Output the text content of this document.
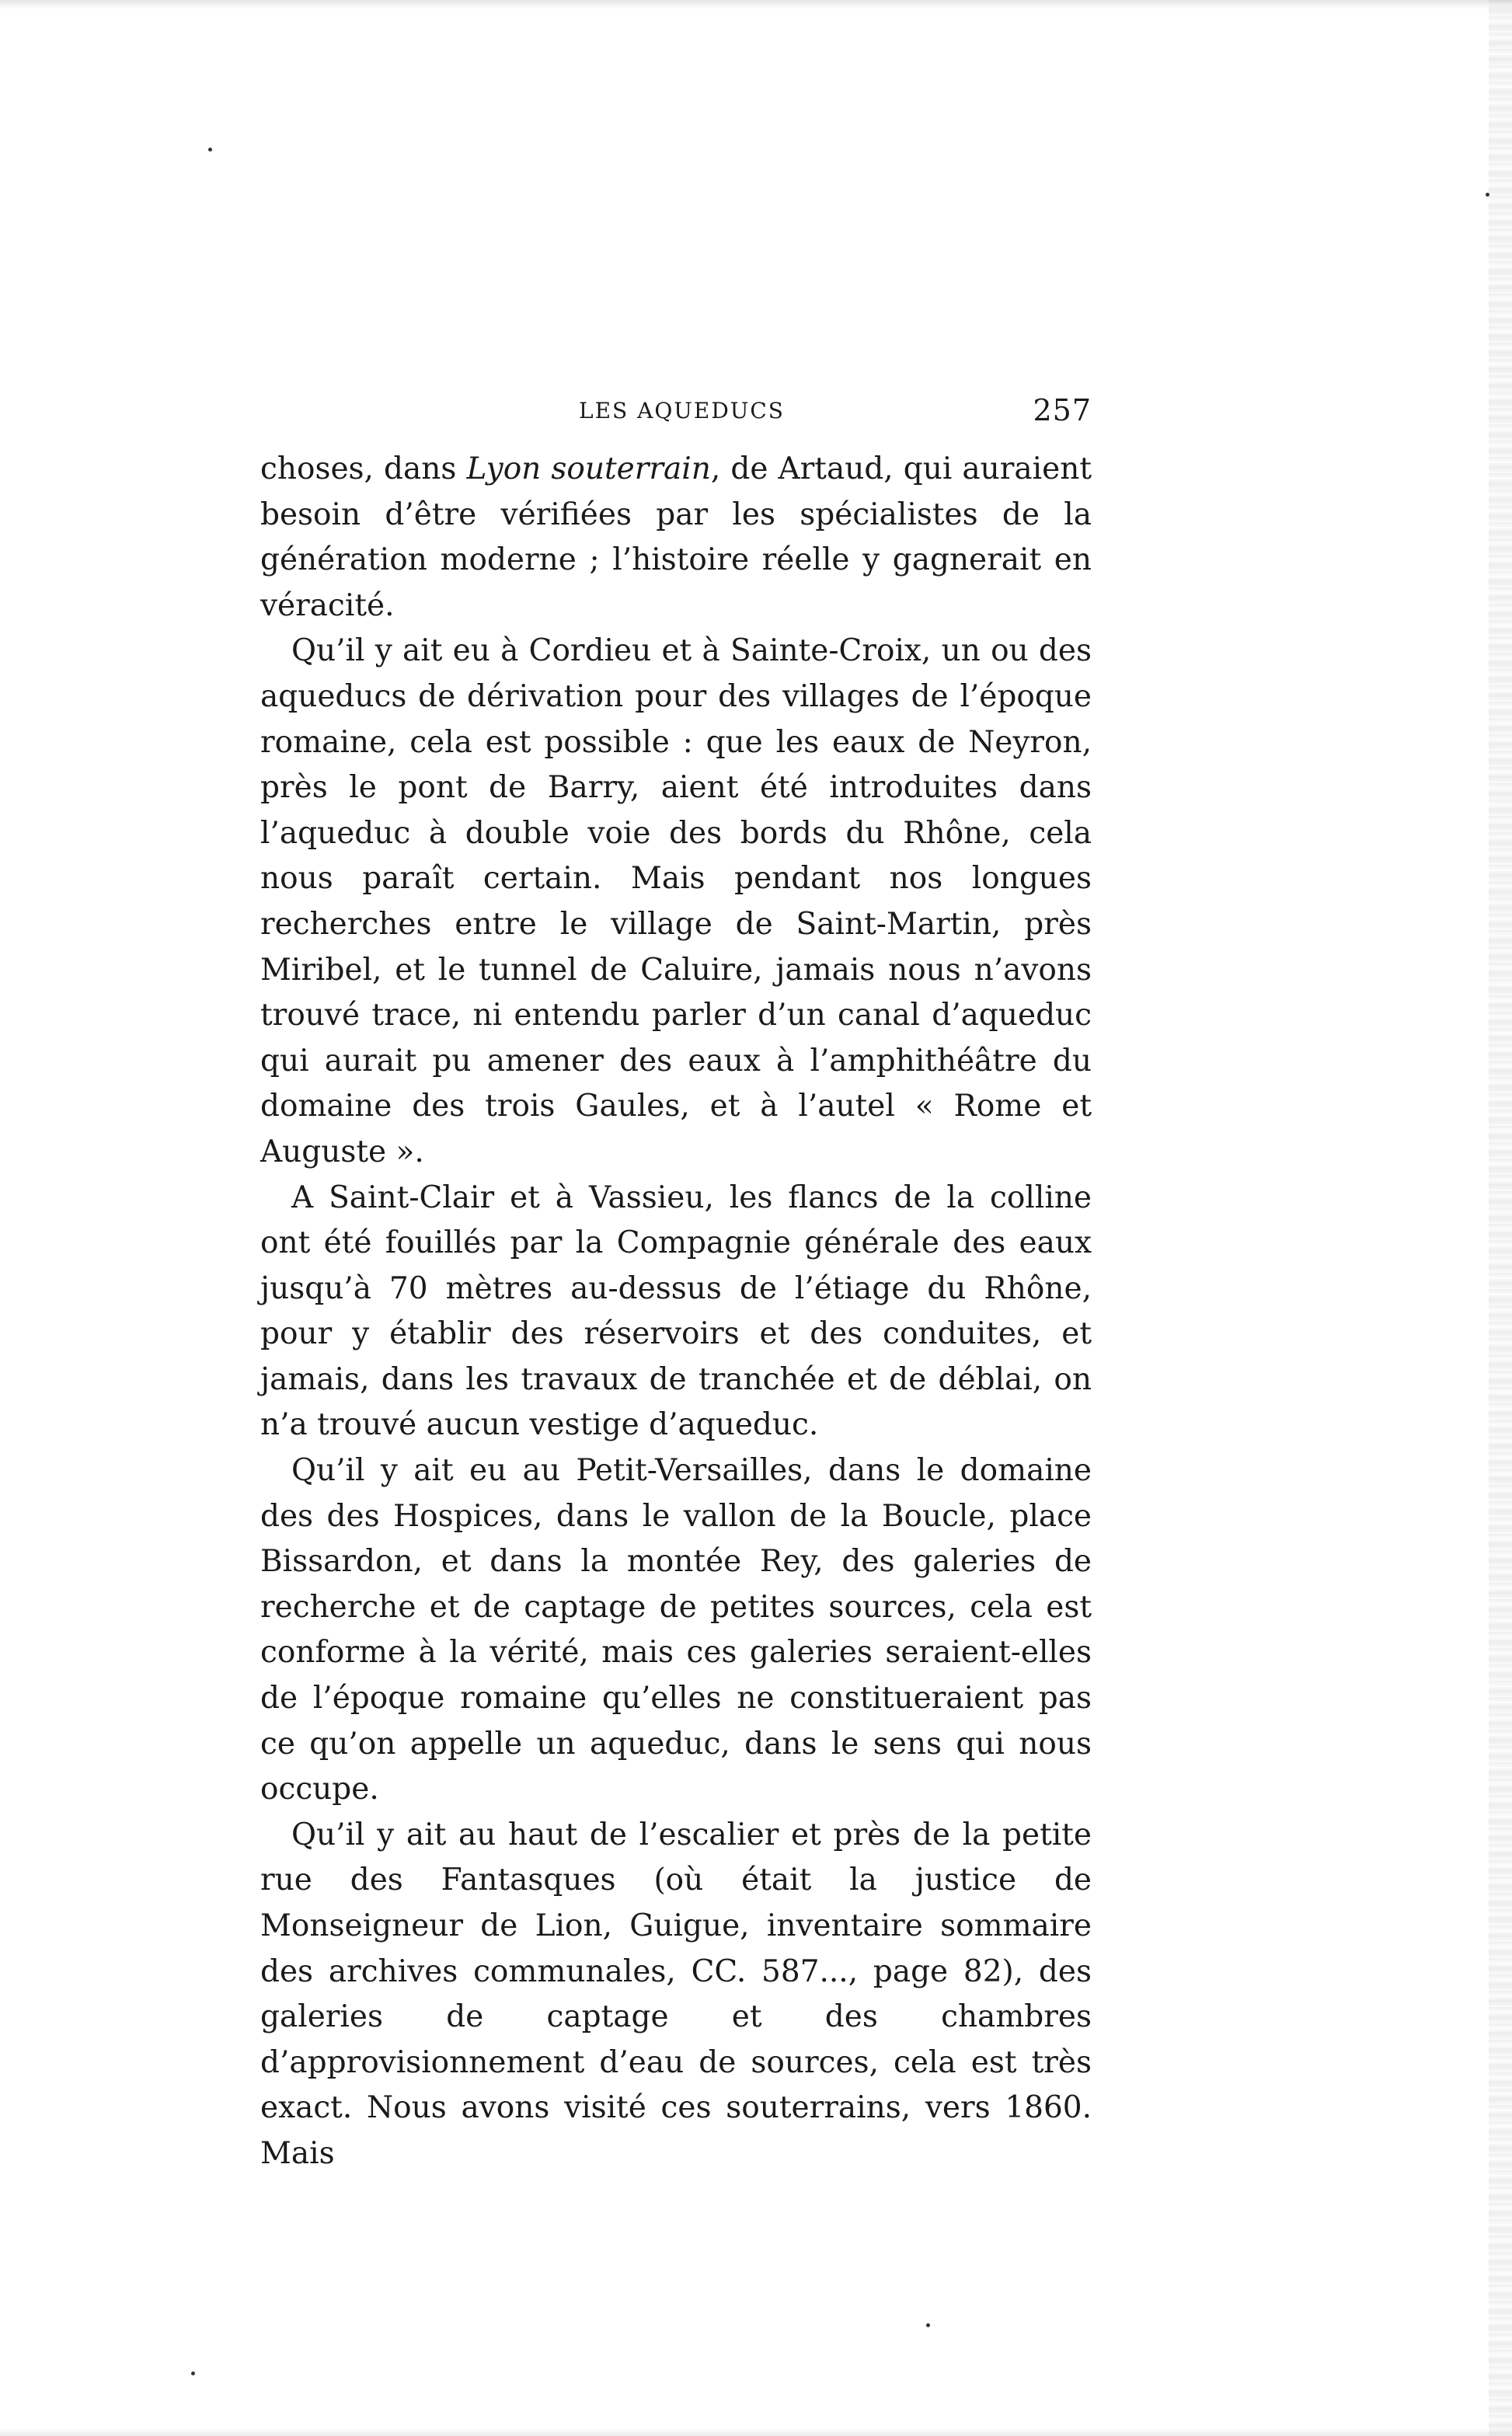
LES AQUEDUCS	257

choses, dans Lyon souterrain, de Artaud, qui auraient besoin d’être vérifiées par les spécialistes de la génération moderne ; l’histoire réelle y gagnerait en véracité.

Qu’il y ait eu à Cordieu et à Sainte-Croix, un ou des aqueducs de dérivation pour des villages de l’époque romaine, cela est possible : que les eaux de Neyron, près le pont de Barry, aient été introduites dans l’aqueduc à double voie des bords du Rhône, cela nous paraît certain. Mais pendant nos longues recherches entre le village de Saint-Martin, près Miribel, et le tunnel de Caluire, jamais nous n’avons trouvé trace, ni entendu parler d’un canal d’aqueduc qui aurait pu amener des eaux à l’amphithéâtre du domaine des trois Gaules, et à l’autel « Rome et Auguste ».

A Saint-Clair et à Vassieu, les flancs de la colline ont été fouillés par la Compagnie générale des eaux jusqu’à 70 mètres au-dessus de l’étiage du Rhône, pour y établir des réservoirs et des conduites, et jamais, dans les travaux de tranchée et de déblai, on n’a trouvé aucun vestige d’aqueduc.

Qu’il y ait eu au Petit-Versailles, dans le domaine des des Hospices, dans le vallon de la Boucle, place Bissardon, et dans la montée Rey, des galeries de recherche et de captage de petites sources, cela est conforme à la vérité, mais ces galeries seraient-elles de l’époque romaine qu’elles ne constitueraient pas ce qu’on appelle un aqueduc, dans le sens qui nous occupe.

Qu’il y ait au haut de l’escalier et près de la petite rue des Fantasques (où était la justice de Monseigneur de Lion, Guigue, inventaire sommaire des archives communales, CC. 587..., page 82), des galeries de captage et des chambres d’approvisionnement d’eau de sources, cela est très exact. Nous avons visité ces souterrains, vers 1860. Mais
